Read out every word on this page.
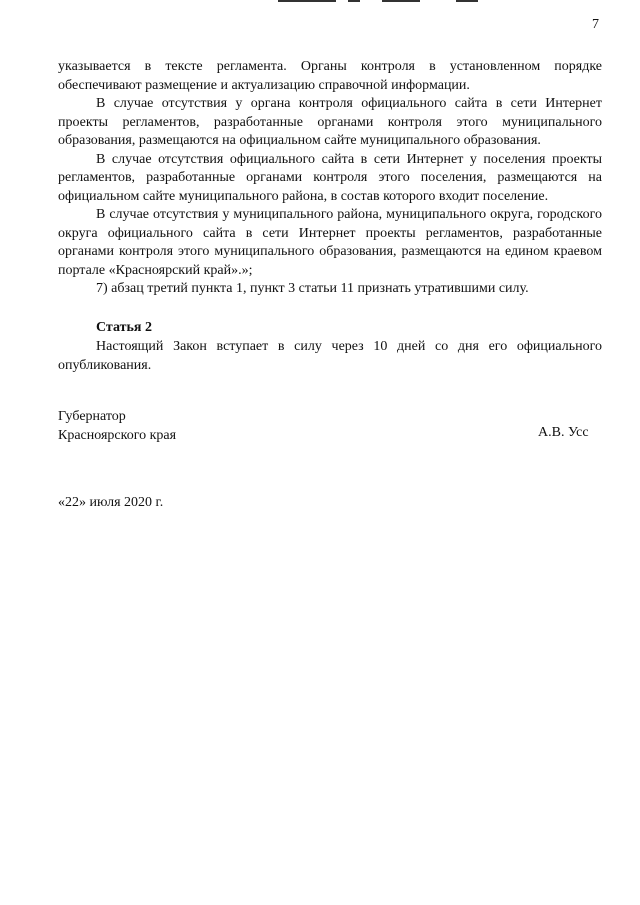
7

указывается в тексте регламента. Органы контроля в установленном порядке обеспечивают размещение и актуализацию справочной информации.

В случае отсутствия у органа контроля официального сайта в сети Интернет проекты регламентов, разработанные органами контроля этого муниципального образования, размещаются на официальном сайте муниципального образования.

В случае отсутствия официального сайта в сети Интернет у поселения проекты регламентов, разработанные органами контроля этого поселения, размещаются на официальном сайте муниципального района, в состав которого входит поселение.

В случае отсутствия у муниципального района, муниципального округа, городского округа официального сайта в сети Интернет проекты регламентов, разработанные органами контроля этого муниципального образования, размещаются на едином краевом портале «Красноярский край».»;

7) абзац третий пункта 1, пункт 3 статьи 11 признать утратившими силу.

Статья 2

Настоящий Закон вступает в силу через 10 дней со дня его официального опубликования.

Губернатор
Красноярского края	А.В. Усс
«22» июля 2020 г.
